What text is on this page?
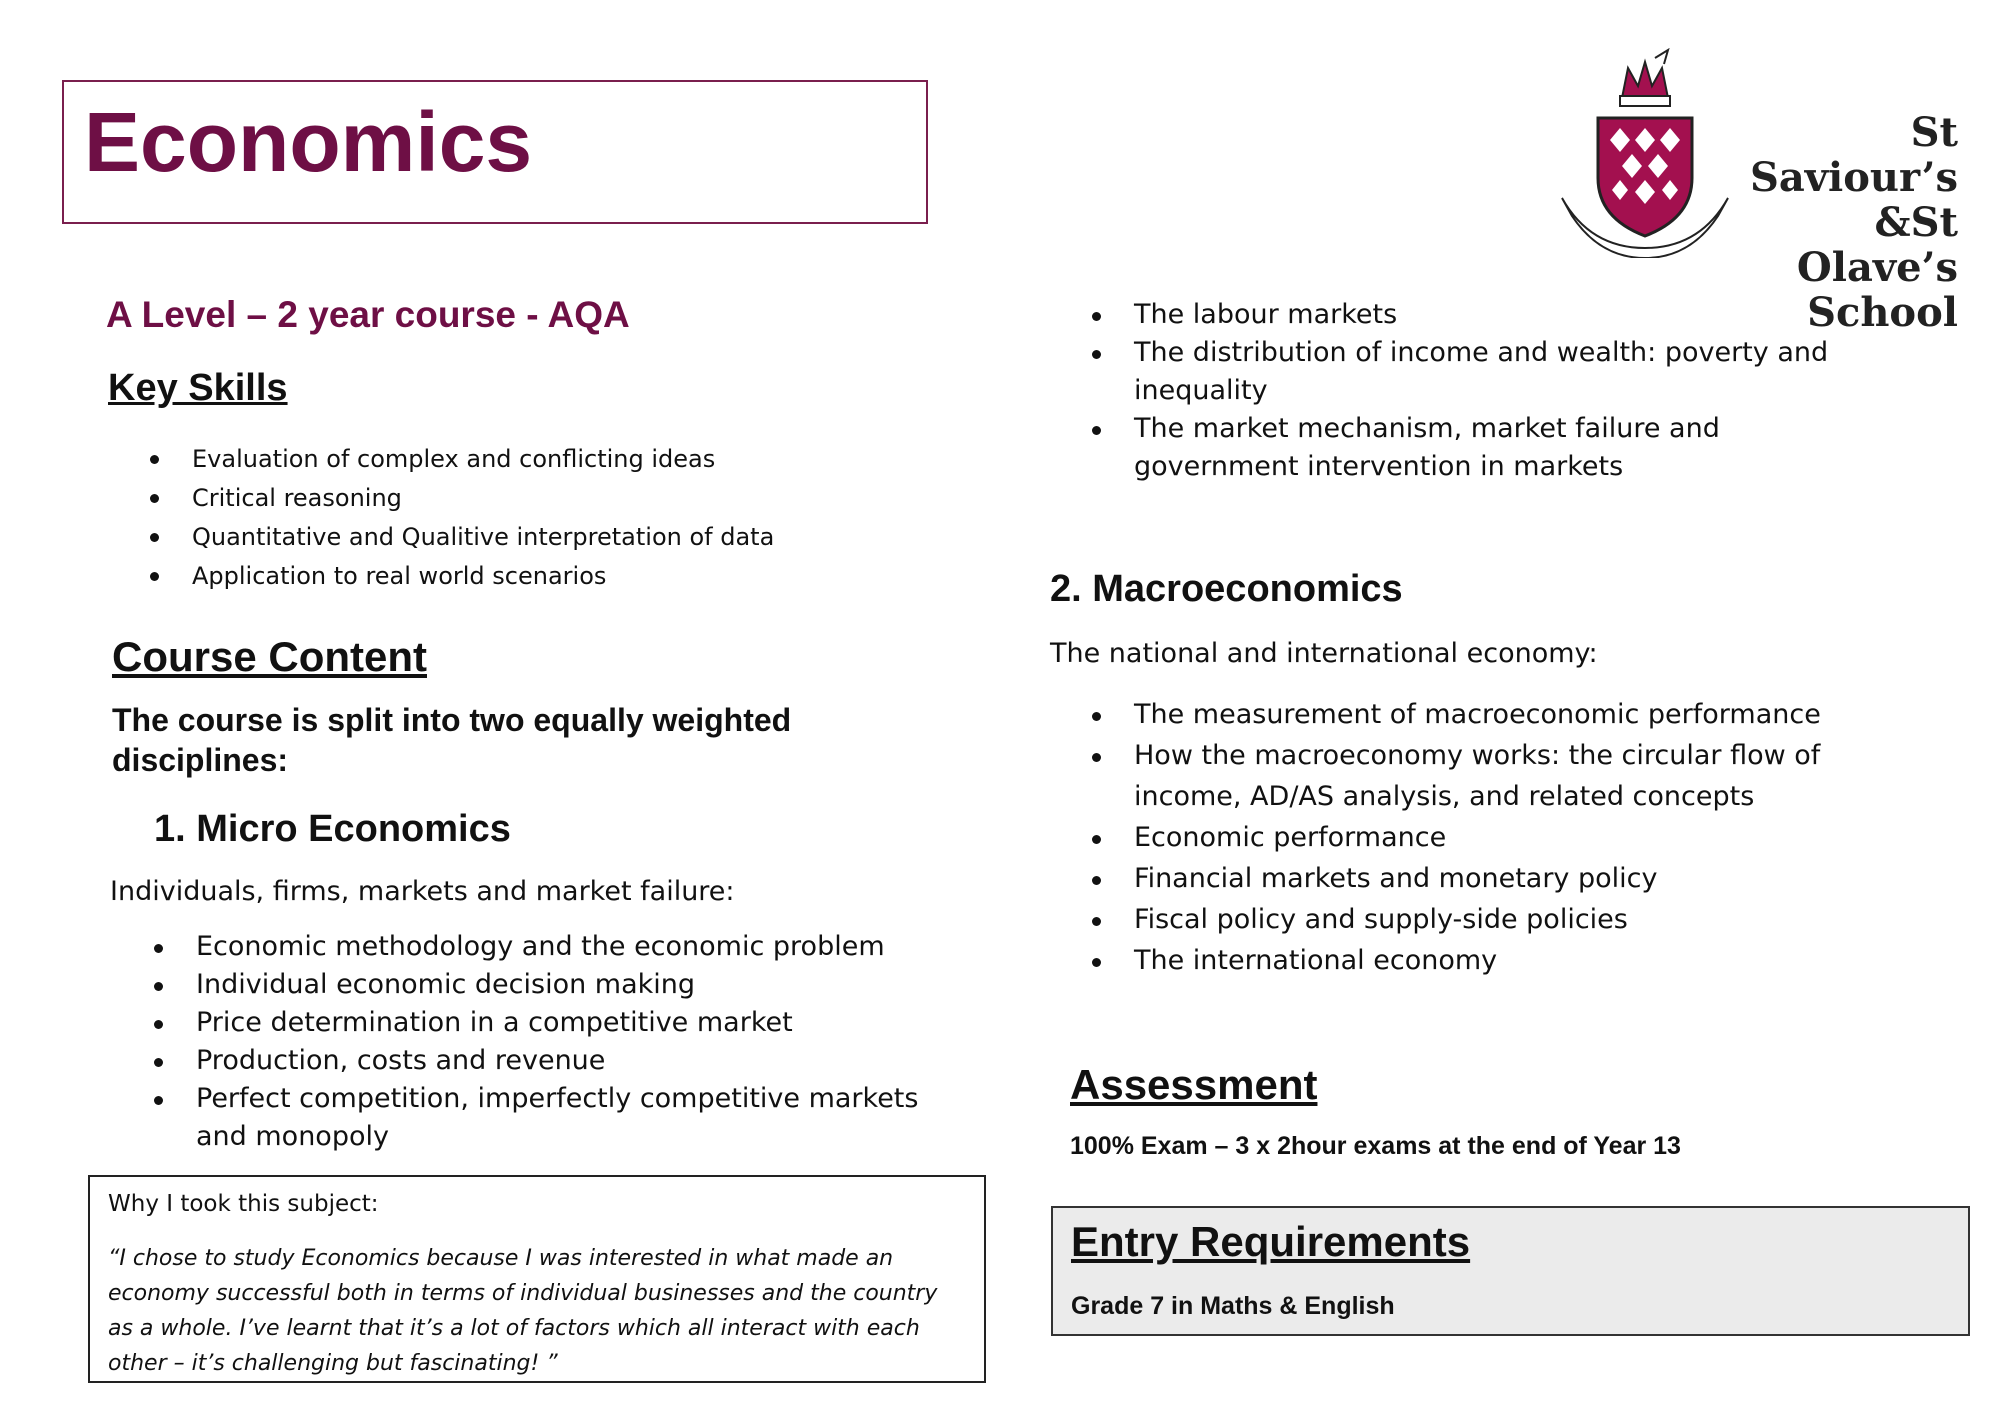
Economics	St Saviour’s
&St Olave’s
School
A Level – 2 year course - AQA
Key Skills
Evaluation of complex and conflicting ideas
Critical reasoning
Quantitative and Qualitive interpretation of data
Application to real world scenarios
Course Content
The course is split into two equally weighted disciplines:
1. Micro Economics
Individuals, firms, markets and market failure:
Economic methodology and the economic problem
Individual economic decision making
Price determination in a competitive market
Production, costs and revenue
Perfect competition, imperfectly competitive markets and monopoly
The labour markets
The distribution of income and wealth: poverty and inequality
The market mechanism, market failure and government intervention in markets
2. Macroeconomics
The national and international economy:
The measurement of macroeconomic performance
How the macroeconomy works: the circular flow of income, AD/AS analysis, and related concepts
Economic performance
Financial markets and monetary policy
Fiscal policy and supply-side policies
The international economy
Why I took this subject:
“I chose to study Economics because I was interested in what made an economy successful both in terms of individual businesses and the country as a whole. I’ve learnt that it’s a lot of factors which all interact with each other – it’s challenging but fascinating! ”
Assessment
100% Exam – 3 x 2hour exams at the end of Year 13
Entry Requirements
Grade 7 in Maths & English
